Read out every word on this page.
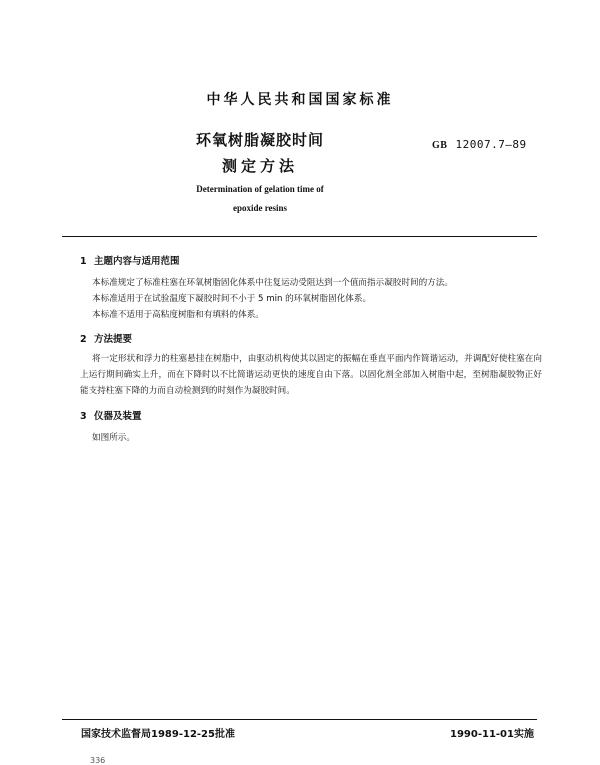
中华人民共和国国家标准
环氧树脂凝胶时间
测定方法
GB 12007.7—89
Determination of gelation time of
epoxide resins
1 主题内容与适用范围
本标准规定了标准柱塞在环氧树脂固化体系中往复运动受阻达到一个值而指示凝胶时间的方法。
本标准适用于在试验温度下凝胶时间不小于 5 min 的环氧树脂固化体系。
本标准不适用于高粘度树脂和有填料的体系。
2 方法提要
将一定形状和浮力的柱塞悬挂在树脂中，由驱动机构使其以固定的振幅在垂直平面内作简谐运动，并调配好使柱塞在向上运行期间确实上升，而在下降时以不比简谐运动更快的速度自由下落。以固化剂全部加入树脂中起，至树脂凝胶物正好能支持柱塞下降的力而自动检测到的时刻作为凝胶时间。
3 仪器及装置
如图所示。
国家技术监督局1989-12-25批准	1990-11-01实施
336
